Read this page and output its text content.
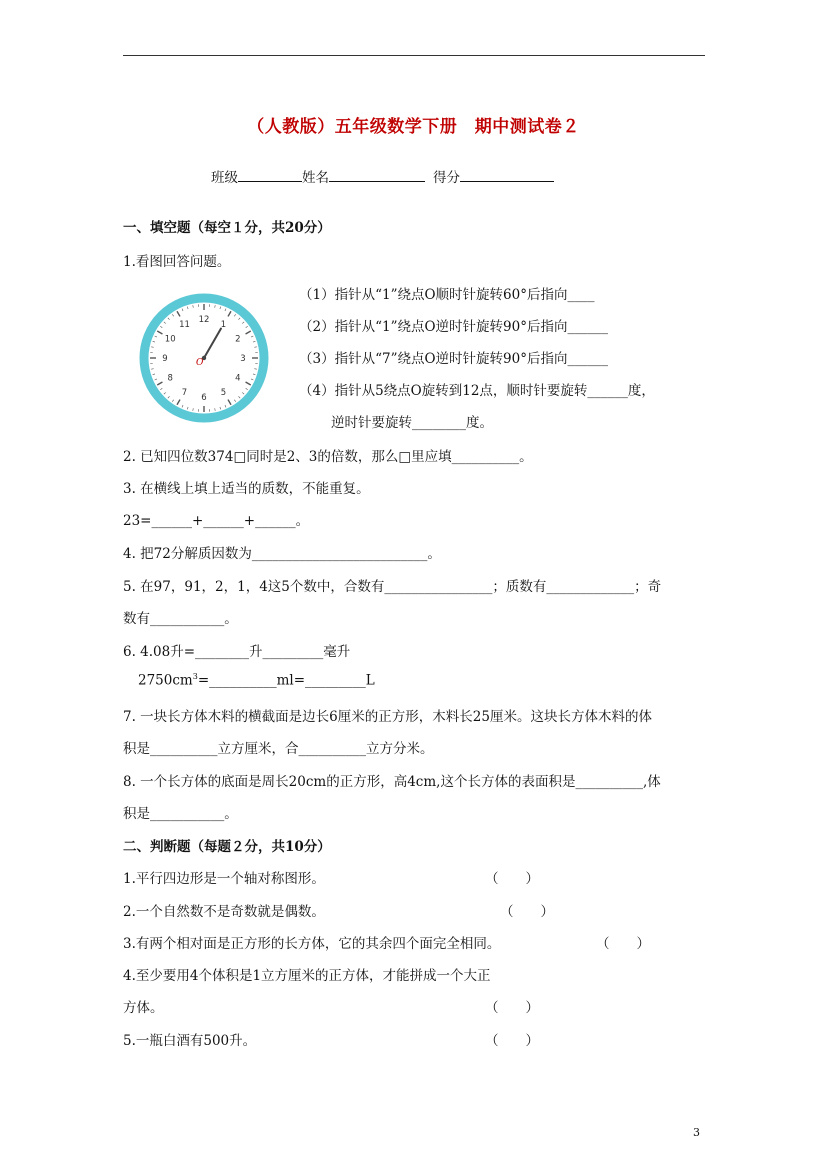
（人教版）五年级数学下册　期中测试卷２
班级	姓名	得分
一、填空题（每空１分，共20分）
1.看图回答问题。
12
1
2
3
4
5
6
7
8
9
10
11
O
（1）指针从“1”绕点O顺时针旋转60°后指向____
（2）指针从“1”绕点O逆时针旋转90°后指向______
（3）指针从“7”绕点O逆时针旋转90°后指向______
（4）指针从5绕点O旋转到12点，顺时针要旋转______度，
逆时针要旋转________度。
2. 已知四位数374□同时是2、3的倍数，那么□里应填__________。
3. 在横线上填上适当的质数，不能重复。
23=______+______+______。
4. 把72分解质因数为__________________________。
5. 在97，91，2，1，4这5个数中，合数有________________；质数有_____________；奇
数有___________。
6. 4.08升=________升_________毫升
$2750cm^3=\_\_\_\_\_\_\_\_\_\_ml=\_\_\_\_\_\_\_\_\_L$
7. 一块长方体木料的横截面是边长6厘米的正方形，木料长25厘米。这块长方体木料的体
积是__________立方厘米，合__________立方分米。
8. 一个长方体的底面是周长20cm的正方形，高4cm,这个长方体的表面积是__________,体
积是___________。
二、判断题（每题２分，共10分）
1.平行四边形是一个轴对称图形。	（　　）
2.一个自然数不是奇数就是偶数。	（　　）
3.有两个相对面是正方形的长方体，它的其余四个面完全相同。	（　　）
4.至少要用4个体积是1立方厘米的正方体，才能拼成一个大正
方体。	（　　）
5.一瓶白酒有500升。	（　　）
3
